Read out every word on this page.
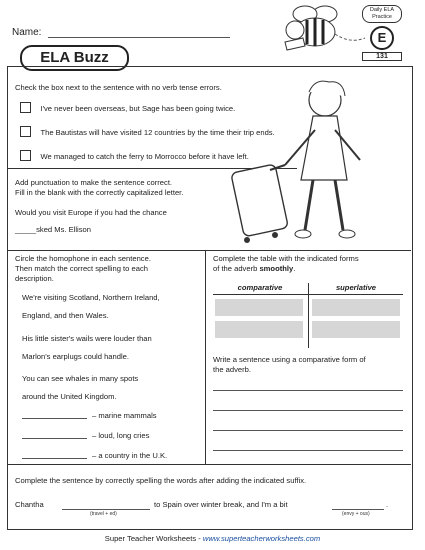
Name:
ELA Buzz
Daily ELA
Practice
E
131
Check the box next to the sentence with no verb tense errors.
I've never been overseas, but Sage has been going twice.
The Bautistas will have visited 12 countries by the time their trip ends.
We managed to catch the ferry to Morrocco before it have left.
Add punctuation to make the sentence correct.
Fill in the blank with the correctly capitalized letter.
Would you visit Europe if you had the chance
_____sked Ms. Ellison
Circle the homophone in each sentence.
Then match the correct spelling to each
description.
We're visiting Scotland, Northern Ireland,
England, and then Wales.
His little sister's wails were louder than
Marlon's earplugs could handle.
You can see whales in many spots
around the United Kingdom.
– marine mammals
– loud, long cries
– a country in the U.K.
Complete the table with the indicated forms
of the adverb smoothly.
comparative	superlative
Write a sentence using a comparative form of
the adverb.
Complete the sentence by correctly spelling the words after adding the indicated suffix.
Chantha
(travel + ed)
to Spain over winter break, and I'm a bit
(envy + ous)
.
Super Teacher Worksheets - www.superteacherworksheets.com
